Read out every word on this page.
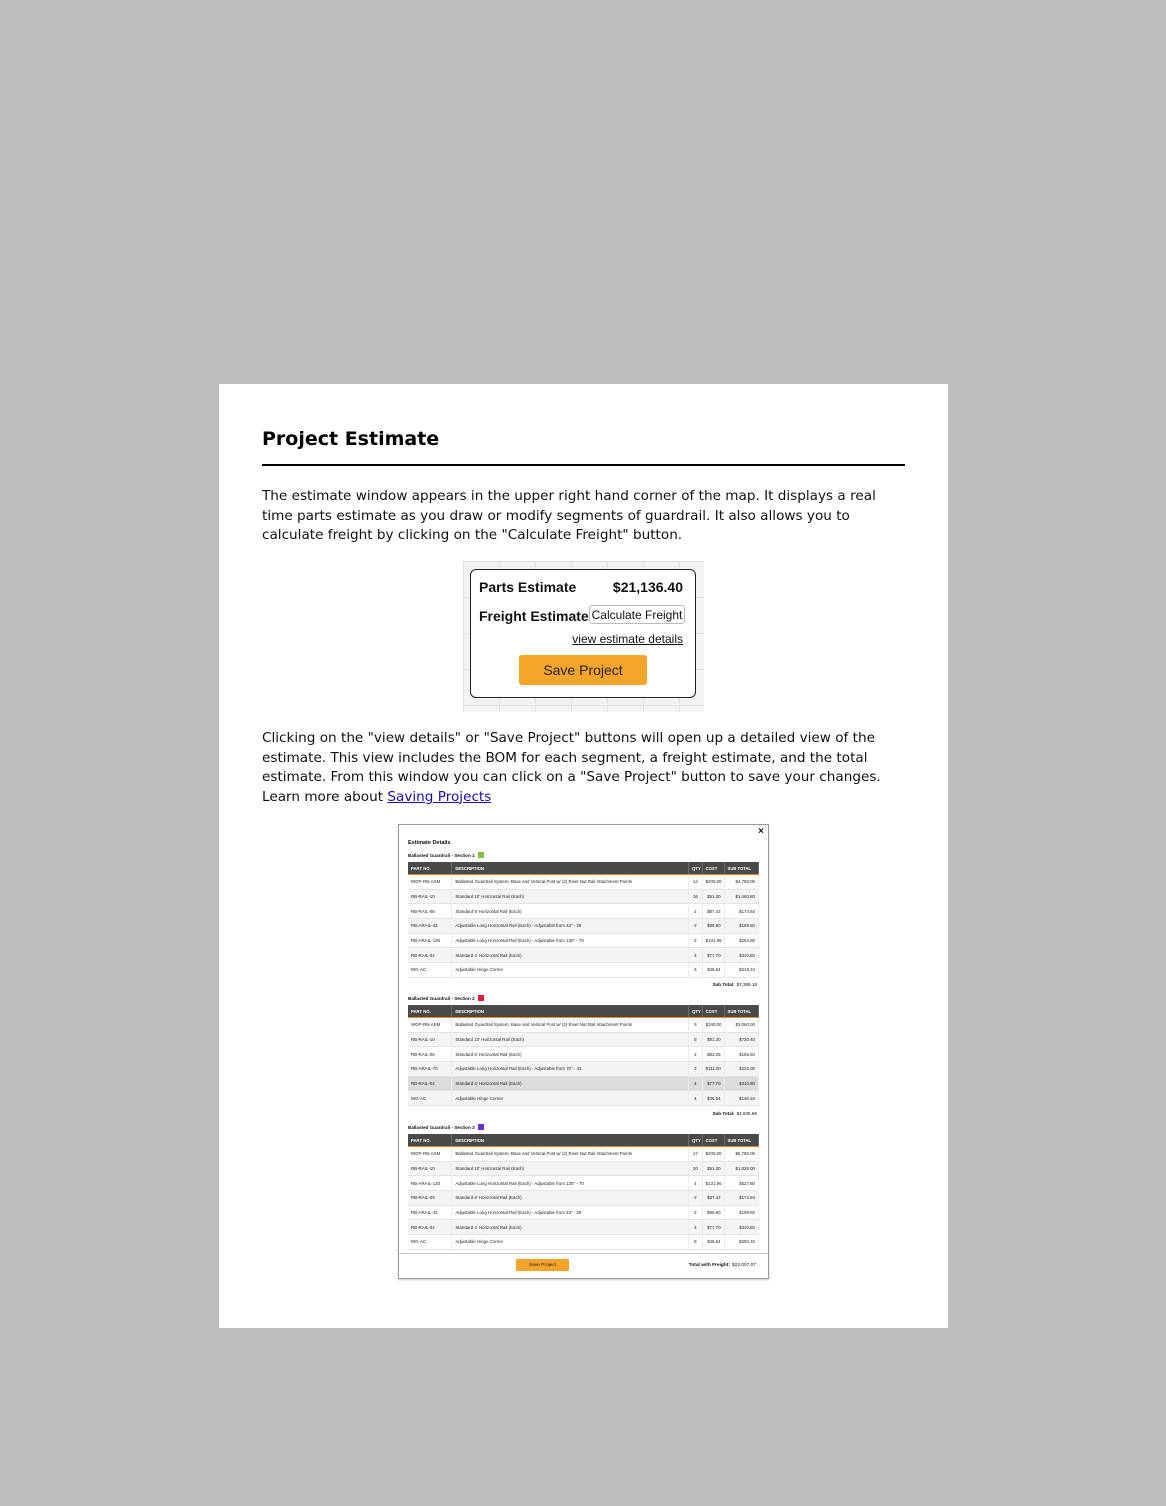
Project Estimate

The estimate window appears in the upper right hand corner of the map. It displays a real time parts estimate as you draw or modify segments of guardrail. It also allows you to calculate freight by clicking on the "Calculate Freight" button.

Parts Estimate	$21,136.40
Freight Estimate Calculate Freight
view estimate details
Save Project

Clicking on the "view details" or "Save Project" buttons will open up a detailed view of the estimate. This view includes the BOM for each segment, a freight estimate, and the total estimate. From this window you can click on a "Save Project" button to save your changes. Learn more about Saving Projects

×
Estimate Details
Ballasted Guardrail - Section 1
PART NO.	DESCRIPTION	QTY	COST	SUB TOTAL
WGP-RN-ASM	Ballasted Guardrail System, Base and Vertical Post w/ (2) Rivet Nut Rail Attachment Points	14	$340.00	$4,760.00
RB-RAIL-10	Standard 10' Horizontal Rail (Each)	16	$91.30	$1,460.80
RB-RAIL-08	Standard 8' Horizontal Rail (Each)	2	$87.42	$174.84
RB-ARAIL-43	Adjustable Long Horizontal Rail (Each) - Adjustable from 43" - 29	2	$99.80	$199.60
RB-ARAIL-130	Adjustable Long Horizontal Rail (Each) - Adjustable from 130" - 70	2	$131.95	$263.90
RB-RAIL-04	Standard 4' Horizontal Rail (Each)	4	$77.70	$310.80
WG-AC	Adjustable Hinge Corner	6	$36.54	$219.24
Sub Total: $7,389.18
Ballasted Guardrail - Section 2
PART NO.	DESCRIPTION	QTY	COST	SUB TOTAL
WGP-RN-ASM	Ballasted Guardrail System, Base and Vertical Post w/ (2) Rivet Nut Rail Attachment Points	9	$340.00	$3,060.00
RB-RAIL-10	Standard 10' Horizontal Rail (Each)	8	$91.30	$730.40
RB-RAIL-06	Standard 6' Horizontal Rail (Each)	2	$83.25	$166.50
RB-ARAIL-70	Adjustable Long Horizontal Rail (Each) - Adjustable from 70" - 43	2	$111.00	$222.00
RB-RAIL-04	Standard 4' Horizontal Rail (Each)	4	$77.70	$310.80
WG-AC	Adjustable Hinge Corner	4	$36.54	$146.16
Sub Total: $4,635.86
Ballasted Guardrail - Section 3
PART NO.	DESCRIPTION	QTY	COST	SUB TOTAL
WGP-RN-ASM	Ballasted Guardrail System, Base and Vertical Post w/ (2) Rivet Nut Rail Attachment Points	17	$340.00	$5,780.00
RB-RAIL-10	Standard 10' Horizontal Rail (Each)	20	$91.30	$1,826.00
RB-ARAIL-130	Adjustable Long Horizontal Rail (Each) - Adjustable from 130" - 70	4	$131.95	$527.80
RB-RAIL-08	Standard 8' Horizontal Rail (Each)	2	$87.42	$174.84
RB-ARAIL-43	Adjustable Long Horizontal Rail (Each) - Adjustable from 43" - 29	2	$99.80	$199.60
RB-RAIL-04	Standard 4' Horizontal Rail (Each)	4	$77.70	$310.80
WG-AC	Adjustable Hinge Corner	8	$36.54	$292.32
Save Project	Total with Freight: $22,007.07
